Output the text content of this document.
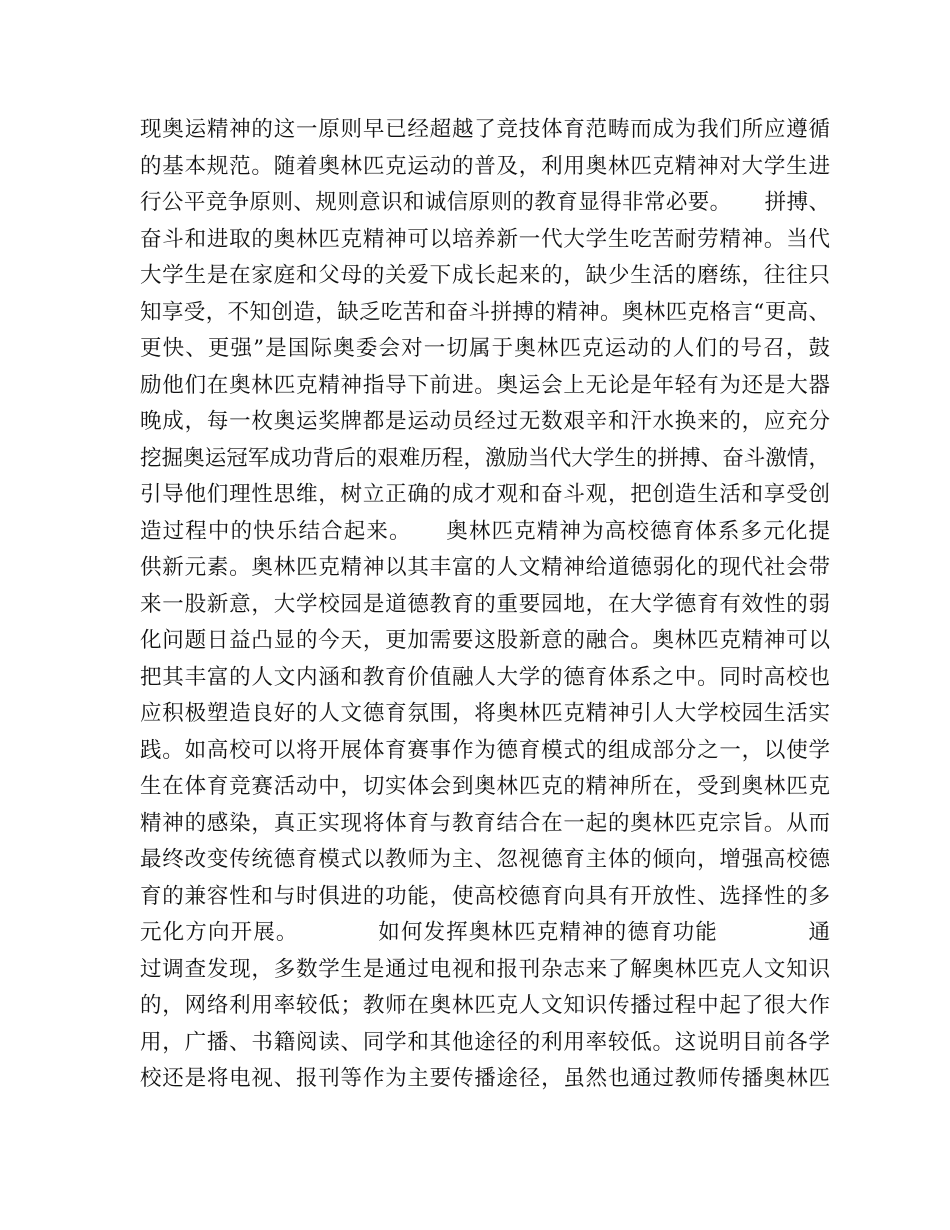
现奥运精神的这一原则早已经超越了竞技体育范畴而成为我们所应遵循
的基本规范。随着奥林匹克运动的普及，利用奥林匹克精神对大学生进
行公平竞争原则、规则意识和诚信原则的教育显得非常必要。　　拼搏、
奋斗和进取的奥林匹克精神可以培养新一代大学生吃苦耐劳精神。当代
大学生是在家庭和父母的关爱下成长起来的，缺少生活的磨练，往往只
知享受，不知创造，缺乏吃苦和奋斗拼搏的精神。奥林匹克格言“更高、
更快、更强”是国际奥委会对一切属于奥林匹克运动的人们的号召，鼓
励他们在奥林匹克精神指导下前进。奥运会上无论是年轻有为还是大器
晚成，每一枚奥运奖牌都是运动员经过无数艰辛和汗水换来的，应充分
挖掘奥运冠军成功背后的艰难历程，激励当代大学生的拼搏、奋斗激情，
引导他们理性思维，树立正确的成才观和奋斗观，把创造生活和享受创
造过程中的快乐结合起来。　　奥林匹克精神为高校德育体系多元化提
供新元素。奥林匹克精神以其丰富的人文精神给道德弱化的现代社会带
来一股新意，大学校园是道德教育的重要园地，在大学德育有效性的弱
化问题日益凸显的今天，更加需要这股新意的融合。奥林匹克精神可以
把其丰富的人文内涵和教育价值融人大学的德育体系之中。同时高校也
应积极塑造良好的人文德育氛围，将奥林匹克精神引人大学校园生活实
践。如高校可以将开展体育赛事作为德育模式的组成部分之一，以使学
生在体育竞赛活动中，切实体会到奥林匹克的精神所在，受到奥林匹克
精神的感染，真正实现将体育与教育结合在一起的奥林匹克宗旨。从而
最终改变传统德育模式以教师为主、忽视德育主体的倾向，增强高校德
育的兼容性和与时俱进的功能，使高校德育向具有开放性、选择性的多
元化方向开展。　　　　如何发挥奥林匹克精神的德育功能　　　　通
过调查发现，多数学生是通过电视和报刊杂志来了解奥林匹克人文知识
的，网络利用率较低；教师在奥林匹克人文知识传播过程中起了很大作
用，广播、书籍阅读、同学和其他途径的利用率较低。这说明目前各学
校还是将电视、报刊等作为主要传播途径，虽然也通过教师传播奥林匹
